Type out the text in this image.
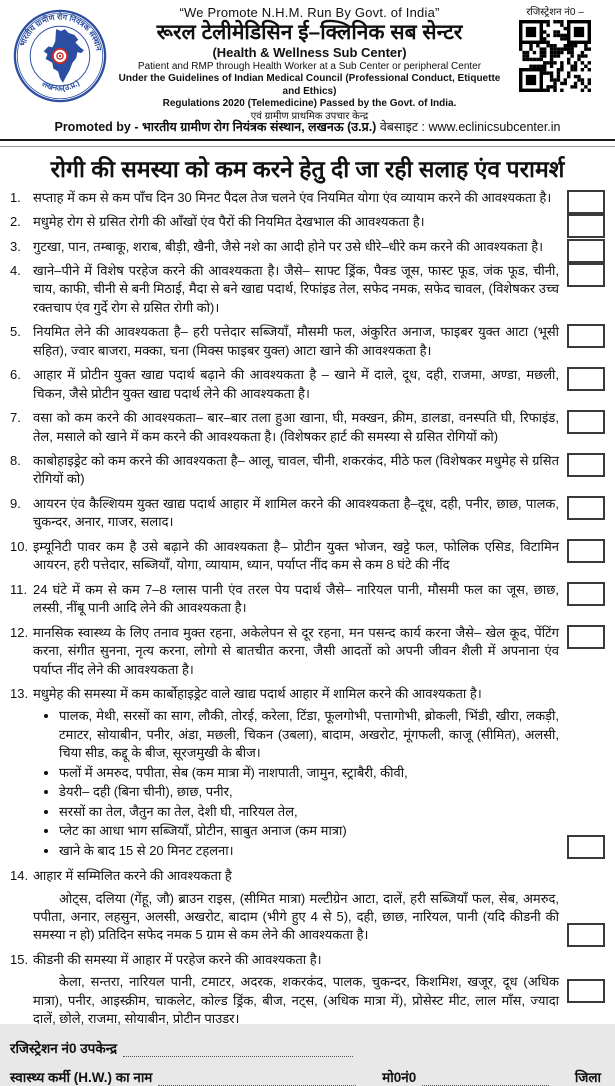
भारतीय ग्रामीण रोग नियंत्रक संस्थान
लखनऊ(उ.प्र.)
“We Promote N.H.M. Run By Govt. of India”
रूरल टेलीमेडिसिन ई–क्लिनिक सब सेन्टर
(Health & Wellness Sub Center)
Patient and RMP through Health Worker at a Sub Center or peripheral Center
Under the Guidelines of Indian Medical Council (Professional Conduct, Etiquette and Ethics)
Regulations 2020 (Telemedicine) Passed by the Govt. of India.
एवं ग्रामीण प्राथमिक उपचार केन्द्र
रजिस्ट्रेशन नं0 –
Promoted by - भारतीय ग्रामीण रोग नियंत्रक संस्थान, लखनऊ (उ.प्र.) वेबसाइट : www.eclinicsubcenter.in
रोगी की समस्या को कम करने हेतु दी जा रही सलाह एंव परामर्श
1. सप्ताह में कम से कम पाँच दिन 30 मिनट पैदल तेज चलने एंव नियमित योगा एंव व्यायाम करने की आवश्यकता है।
2. मधुमेह रोग से ग्रसित रोगी की आँखों एंव पैरों की नियमित देखभाल की आवश्यकता है।
3. गुटखा, पान, तम्बाकू, शराब, बीड़ी, खैनी, जैसे नशे का आदी होने पर उसे धीरे–धीरे कम करने की आवश्यकता है।
4. खाने–पीने में विशेष परहेज करने की आवश्यकता है। जैसे– साफ्ट ड्रिंक, पैक्ड जूस, फास्ट फूड, जंक फूड, चीनी, चाय, काफी, चीनी से बनी मिठाई, मैदा से बने खाद्य पदार्थ, रिफांइड तेल, सफेद नमक, सफेद चावल, (विशेषकर उच्च रक्तचाप एंव गुर्दे रोग से ग्रसित रोगी को)।
5. नियमित लेने की आवश्यकता है– हरी पत्तेदार सब्जियाँ, मौसमी फल, अंकुरित अनाज, फाइबर युक्त आटा (भूसी सहित), ज्वार बाजरा, मक्का, चना (मिक्स फाइबर युक्त) आटा खाने की आवश्यकता है।
6. आहार में प्रोटीन युक्त खाद्य पदार्थ बढ़ाने की आवश्यकता है – खाने में दाले, दूध, दही, राजमा, अण्डा, मछली, चिकन, जैसे प्रोटीन युक्त खाद्य पदार्थ लेने की आवश्यकता है।
7. वसा को कम करने की आवश्यकता– बार–बार तला हुआ खाना, घी, मक्खन, क्रीम, डालडा, वनस्पति घी, रिफाइंड, तेल, मसाले को खाने में कम करने की आवश्यकता है। (विशेषकर हार्ट की समस्या से ग्रसित रोगियों को)
8. काबोहाइड्रेट को कम करने की आवश्यकता है– आलू, चावल, चीनी, शकरकंद, मीठे फल (विशेषकर मधुमेह से ग्रसित रोगियों को)
9. आयरन एंव कैल्शियम युक्त खाद्य पदार्थ आहार में शामिल करने की आवश्यकता है–दूध, दही, पनीर, छाछ, पालक, चुकन्दर, अनार, गाजर, सलाद।
10. इम्यूनिटी पावर कम है उसे बढ़ाने की आवश्यकता है– प्रोटीन युक्त भोजन, खट्टे फल, फोलिक एसिड, विटामिन आयरन, हरी पत्तेदार, सब्जियाँ, योगा, व्यायाम, ध्यान, पर्याप्त नींद कम से कम 8 घंटे की नींद
11. 24 घंटे में कम से कम 7–8 ग्लास पानी एंव तरल पेय पदार्थ जैसे– नारियल पानी, मौसमी फल का जूस, छाछ, लस्सी, नींबू पानी आदि लेने की आवश्यकता है।
12. मानसिक स्वास्थ्य के लिए तनाव मुक्त रहना, अकेलेपन से दूर रहना, मन पसन्द कार्य करना जैसे– खेल कूद, पेंटिंग करना, संगीत सुनना, नृत्य करना, लोगो से बातचीत करना, जैसी आदतों को अपनी जीवन शैली में अपनाना एंव पर्याप्त नींद लेने की आवश्यकता है।
13. मधुमेह की समस्या में कम कार्बोहाइड्रेट वाले खाद्य पदार्थ आहार में शामिल करने की आवश्यकता है।
• पालक, मेथी, सरसों का साग, लौकी, तोरई, करेला, टिंडा, फूलगोभी, पत्तागोभी, ब्रोकली, भिंडी, खीरा, लकड़ी, टमाटर, सोयाबीन, पनीर, अंडा, मछली, चिकन (उबला), बादाम, अखरोट, मूंगफली, काजू (सीमित), अलसी, चिया सीड, कद्दू के बीज, सूरजमुखी के बीज।
• फलों में अमरुद, पपीता, सेब (कम मात्रा में) नाशपाती, जामुन, स्ट्राबैरी, कीवी,
• डेयरी– दही (बिना चीनी), छाछ, पनीर,
• सरसों का तेल, जैतुन का तेल, देशी घी, नारियल तेल,
• प्लेट का आधा भाग सब्जियाँ, प्रोटीन, साबुत अनाज (कम मात्रा)
• खाने के बाद 15 से 20 मिनट टहलना।
14. आहार में सम्मिलित करने की आवश्यकता है
ओट्स, दलिया (गेंहू, जौ) ब्राउन राइस, (सीमित मात्रा) मल्टीग्रेन आटा, दालें, हरी सब्जियाँ फल, सेब, अमरुद, पपीता, अनार, लहसुन, अलसी, अखरोट, बादाम (भीगे हुए 4 से 5), दही, छाछ, नारियल, पानी (यदि कीडनी की समस्या न हो) प्रतिदिन सफेद नमक 5 ग्राम से कम लेने की आवश्यकता है।
15. कीडनी की समस्या में आहार में परहेज करने की आवश्यकता है।
केला, सन्तरा, नारियल पानी, टमाटर, अदरक, शकरकंद, पालक, चुकन्दर, किशमिश, खजूर, दूध (अधिक मात्रा), पनीर, आइस्क्रीम, चाकलेट, कोल्ड ड्रिंक, बीज, नट्स, (अधिक मात्रा में), प्रोसेस्ट मीट, लाल माँस, ज्यादा दालें, छोले, राजमा, सोयाबीन, प्रोटीन पाउडर।
रजिस्ट्रेशन नं0 उपकेन्द्र
स्वास्थ्य कर्मी (H.W.) का नाम	मो0नं0	जिला
